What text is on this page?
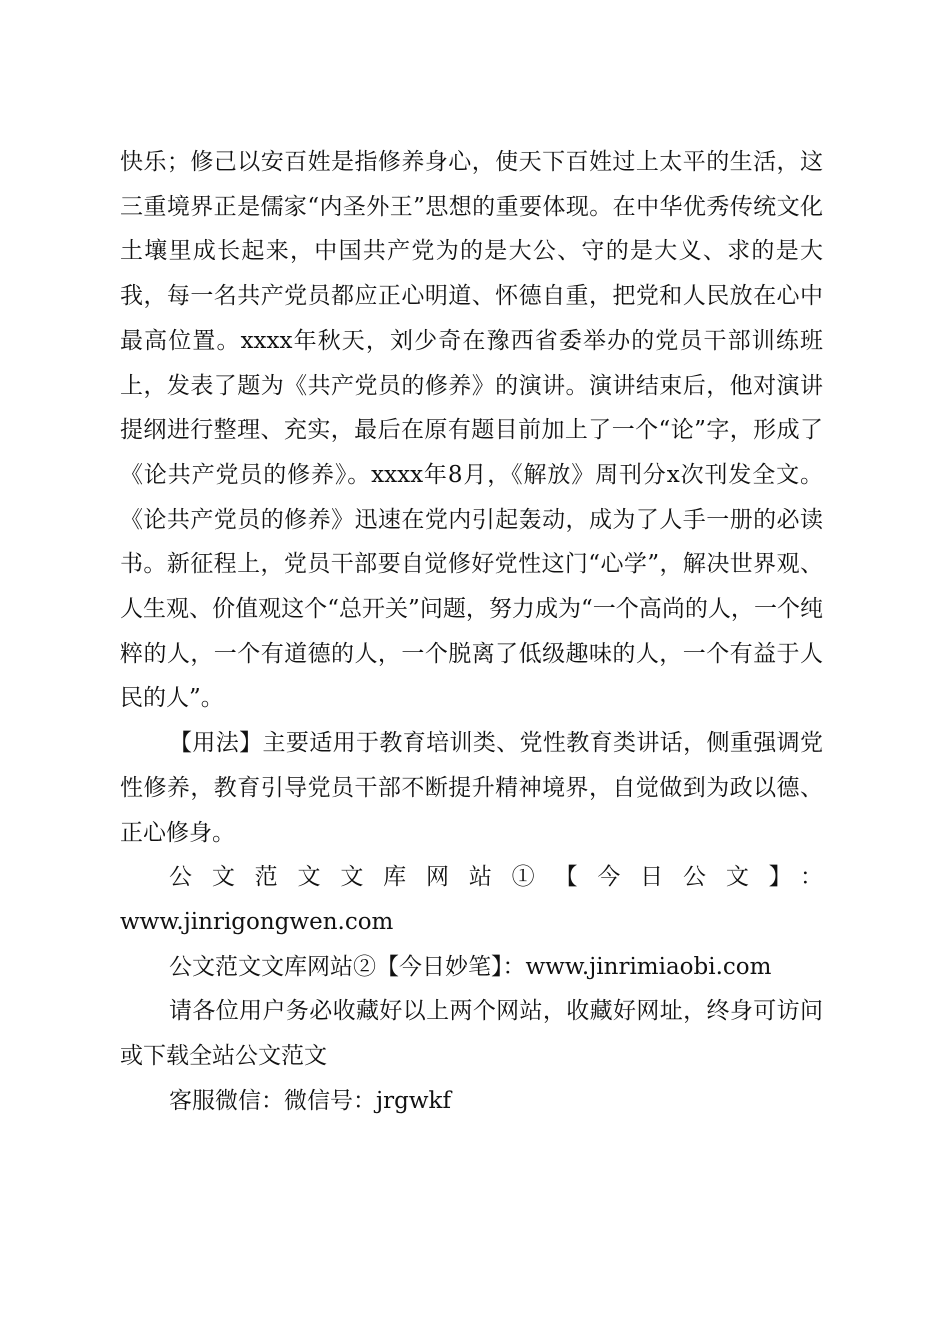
快乐；修己以安百姓是指修养身心，使天下百姓过上太平的生活，这三重境界正是儒家“内圣外王”思想的重要体现。在中华优秀传统文化土壤里成长起来，中国共产党为的是大公、守的是大义、求的是大我，每一名共产党员都应正心明道、怀德自重，把党和人民放在心中最高位置。xxxx年秋天，刘少奇在豫西省委举办的党员干部训练班上，发表了题为《共产党员的修养》的演讲。演讲结束后，他对演讲提纲进行整理、充实，最后在原有题目前加上了一个“论”字，形成了《论共产党员的修养》。xxxx年8月，《解放》周刊分x次刊发全文。《论共产党员的修养》迅速在党内引起轰动，成为了人手一册的必读书。新征程上，党员干部要自觉修好党性这门“心学”，解决世界观、人生观、价值观这个“总开关”问题，努力成为“一个高尚的人，一个纯粹的人，一个有道德的人，一个脱离了低级趣味的人，一个有益于人民的人”。

【用法】主要适用于教育培训类、党性教育类讲话，侧重强调党性修养，教育引导党员干部不断提升精神境界，自觉做到为政以德、正心修身。

公文范文文库网站①【今日公文】：

www.jinrigongwen.com

公文范文文库网站②【今日妙笔】：www.jinrimiaobi.com

请各位用户务必收藏好以上两个网站，收藏好网址，终身可访问或下载全站公文范文

客服微信：微信号：jrgwkf
